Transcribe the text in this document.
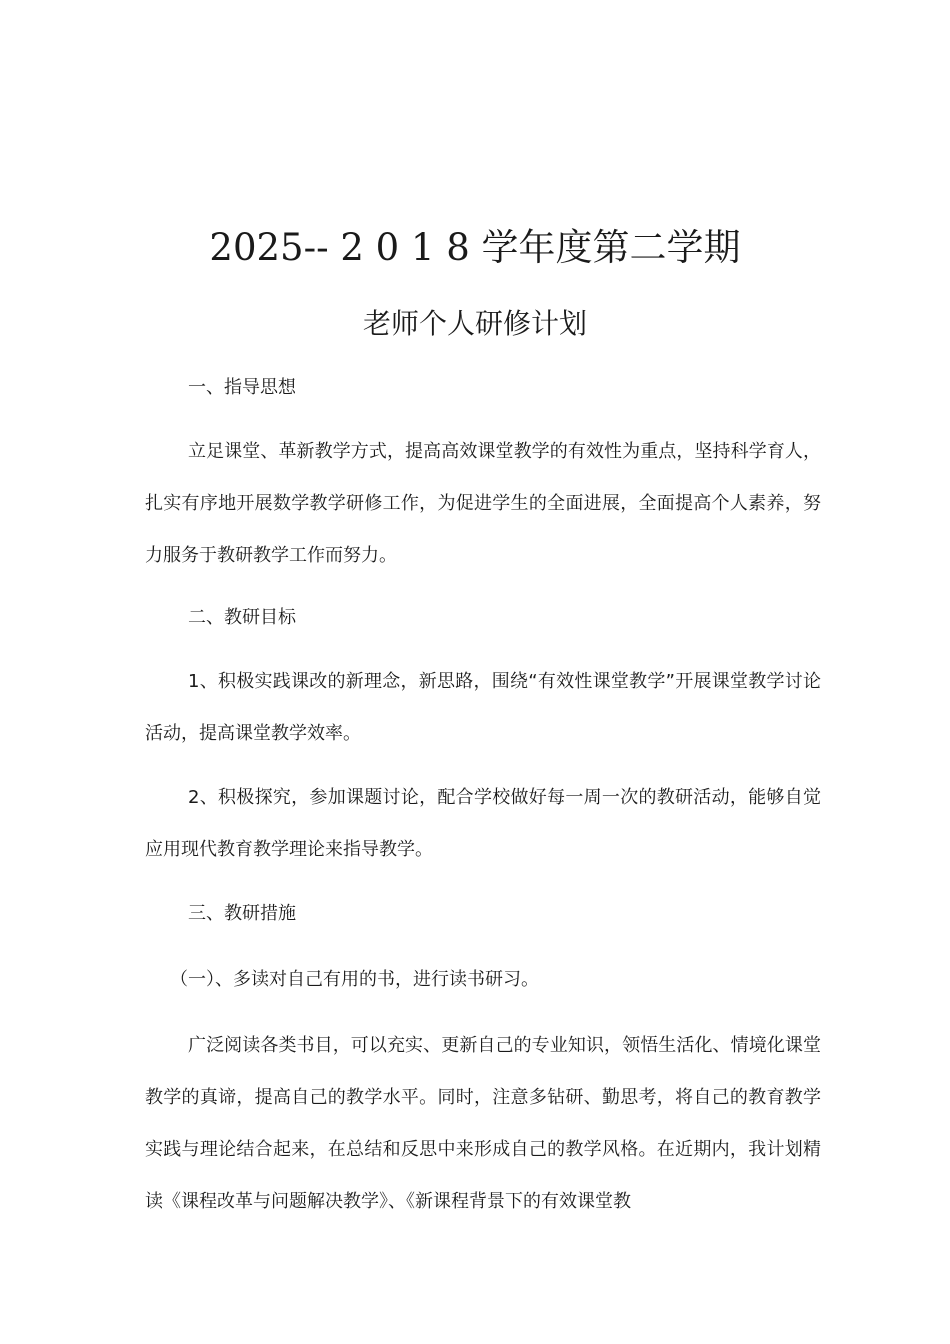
2025-- 2 0 1 8 学年度第二学期
老师个人研修计划
一、指导思想
立足课堂、革新教学方式，提高高效课堂教学的有效性为重点，坚持科学育人，扎实有序地开展数学教学研修工作，为促进学生的全面进展，全面提高个人素养，努力服务于教研教学工作而努力。
二、教研目标
1、积极实践课改的新理念，新思路，围绕“有效性课堂教学”开展课堂教学讨论活动，提高课堂教学效率。
2、积极探究，参加课题讨论，配合学校做好每一周一次的教研活动，能够自觉应用现代教育教学理论来指导教学。
三、教研措施
（一）、多读对自己有用的书，进行读书研习。
广泛阅读各类书目，可以充实、更新自己的专业知识，领悟生活化、情境化课堂教学的真谛，提高自己的教学水平。同时，注意多钻研、勤思考，将自己的教育教学实践与理论结合起来，在总结和反思中来形成自己的教学风格。在近期内，我计划精读《课程改革与问题解决教学》、《新课程背景下的有效课堂教
